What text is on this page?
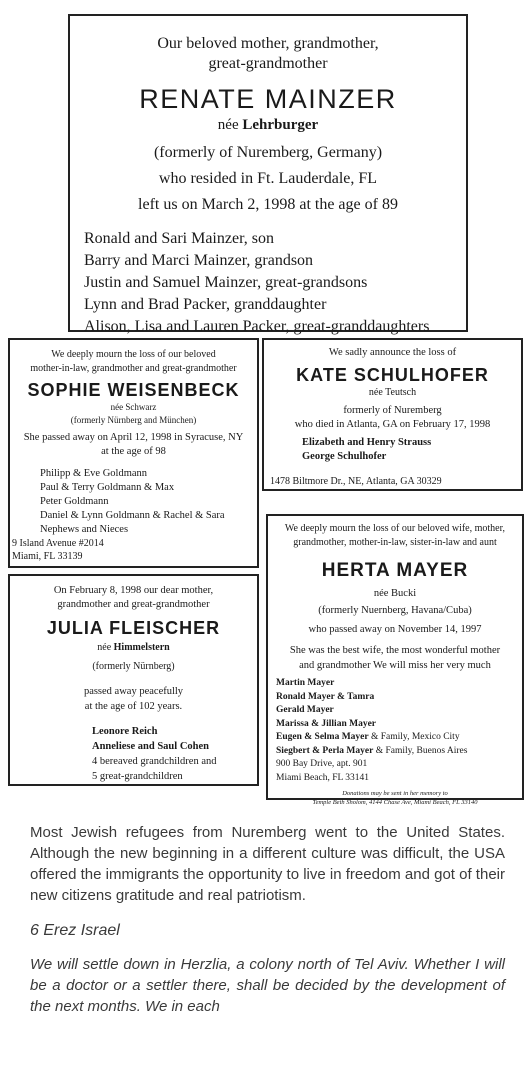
Our beloved mother, grandmother,
great-grandmother
RENATE MAINZER
née Lehrburger
(formerly of Nuremberg, Germany)
who resided in Ft. Lauderdale, FL
left us on March 2, 1998 at the age of 89
Ronald and Sari Mainzer, son
Barry and Marci Mainzer, grandson
Justin and Samuel Mainzer, great-grandsons
Lynn and Brad Packer, granddaughter
Alison, Lisa and Lauren Packer, great-granddaughters
We deeply mourn the loss of our beloved
mother-in-law, grandmother and great-grandmother
SOPHIE WEISENBECK
née Schwarz
(formerly Nürnberg and München)
She passed away on April 12, 1998 in Syracuse, NY
at the age of 98
Philipp & Eve Goldmann
Paul & Terry Goldmann & Max
Peter Goldmann
Daniel & Lynn Goldmann & Rachel & Sara
Nephews and Nieces
9 Island Avenue #2014
Miami, FL 33139
We sadly announce the loss of
KATE SCHULHOFER
née Teutsch
formerly of Nuremberg
who died in Atlanta, GA on February 17, 1998
Elizabeth and Henry Strauss
George Schulhofer
1478 Biltmore Dr., NE, Atlanta, GA 30329
We deeply mourn the loss of our beloved wife, mother,
grandmother, mother-in-law, sister-in-law and aunt
HERTA MAYER
née Bucki
(formerly Nuernberg, Havana/Cuba)
who passed away on November 14, 1997
She was the best wife, the most wonderful mother
and grandmother We will miss her very much
Martin Mayer
Ronald Mayer & Tamra
Gerald Mayer
Marissa & Jillian Mayer
Eugen & Selma Mayer & Family, Mexico City
Siegbert & Perla Mayer & Family, Buenos Aires
900 Bay Drive, apt. 901
Miami Beach, FL 33141
Donations may be sent in her memory to
Temple Beth Sholom, 4144 Chase Ave, Miami Beach, FL 33140
On February 8, 1998 our dear mother,
grandmother and great-grandmother
JULIA FLEISCHER
née Himmelstern
(formerly Nürnberg)
passed away peacefully
at the age of 102 years.
Leonore Reich
Anneliese and Saul Cohen
4 bereaved grandchildren and
5 great-grandchildren
Most Jewish refugees from Nuremberg went to the United States. Although the new beginning in a different culture was difficult, the USA offered the immigrants the opportunity to live in freedom and got of their new citizens gratitude and real patriotism.
6 Erez Israel
We will settle down in Herzlia, a colony north of Tel Aviv. Whether I will be a doctor or a settler there, shall be decided by the development of the next months. We in each
